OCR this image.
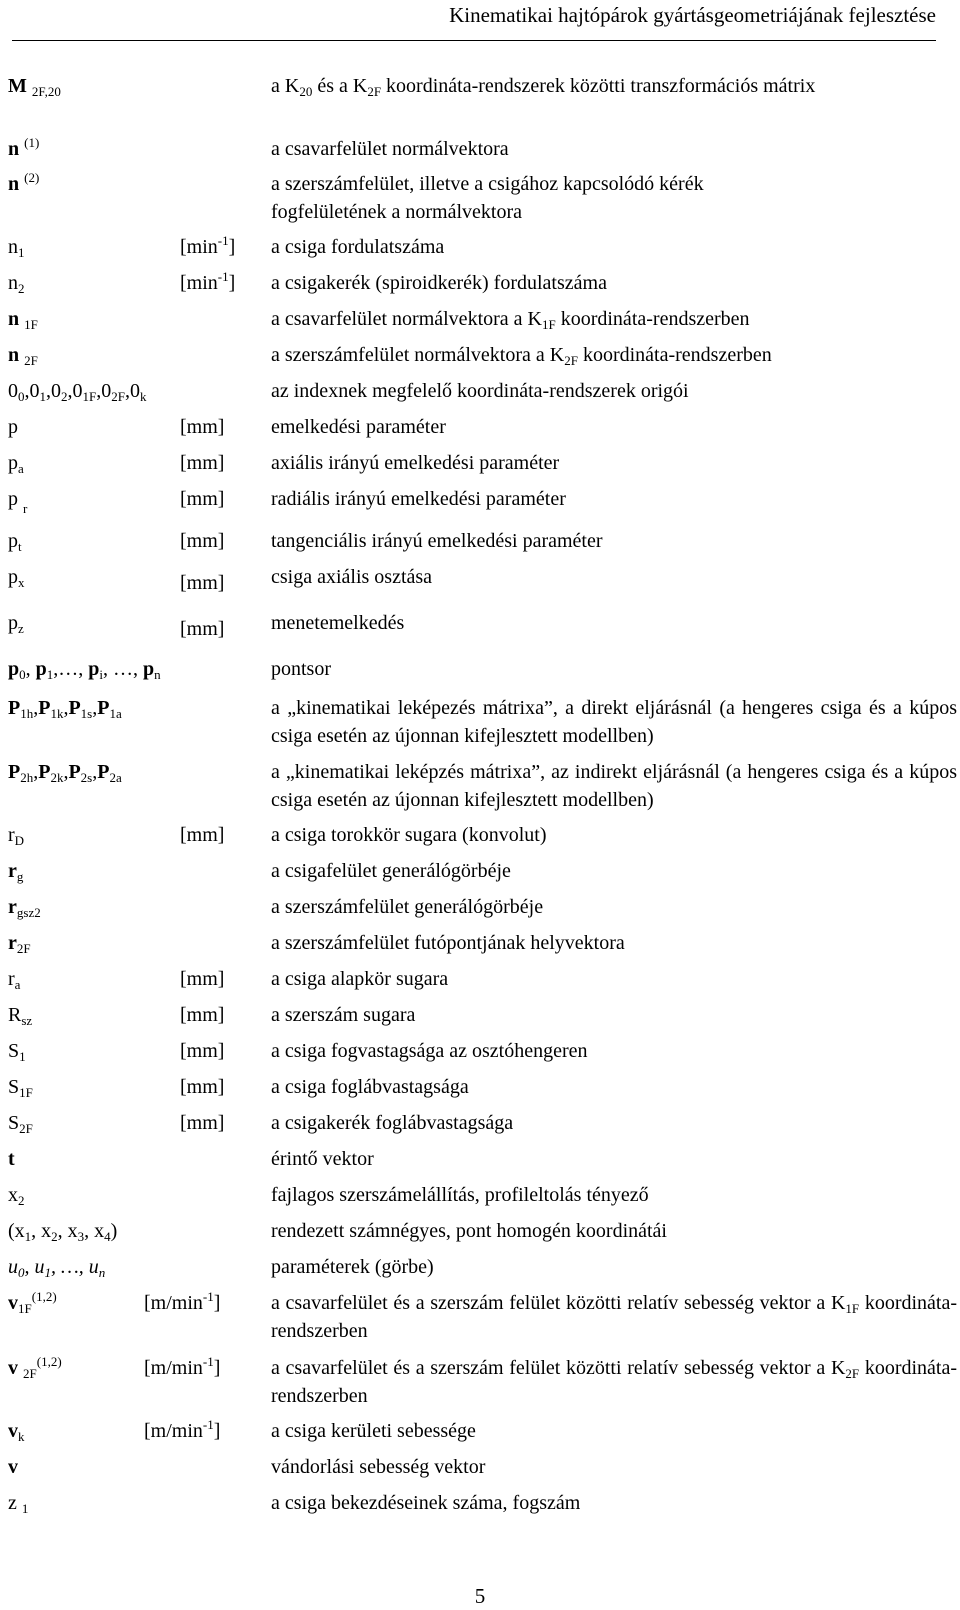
Kinematikai hajtópárok gyártásgeometriájának fejlesztése
M $_{2F,20}$	a $K_{20}$ és a $K_{2F}$ koordináta-rendszerek közötti transzformációs mátrix
n $^{(1)}$	a csavarfelület normálvektora
n $^{(2)}$	a szerszámfelület, illetve a csigához kapcsolódó kérék fogfelületének a normálvektora
$n_1$	$[\min^{-1}]$ a csiga fordulatszáma
$n_2$	$[\min^{-1}]$ a csigakerék (spiroidkerék) fordulatszáma
n $_{1F}$	a csavarfelület normálvektora a $K_{1F}$ koordináta-rendszerben
n $_{2F}$	a szerszámfelület normálvektora a $K_{2F}$ koordináta-rendszerben
$0_0,0_1,0_2,0_{1F},0_{2F},0_k$	az indexnek megfelelő koordináta-rendszerek origói
p	[mm] emelkedési paraméter
$p_a$	[mm] axiális irányú emelkedési paraméter
p $_r$	[mm] radiális irányú emelkedési paraméter
$p_t$	[mm] tangenciális irányú emelkedési paraméter
$p_x$	[mm] csiga axiális osztása
$p_z$	[mm] menetemelkedés
$p_0$, $p_1,\dots$, $p_i$, …, $p_n$	pontsor
$P_{1h},P_{1k},P_{1s},P_{1a}$	a „kinematikai leképezés mátrixa”, a direkt eljárásnál (a hengeres csiga és a kúpos csiga esetén az újonnan kifejlesztett modellben)
$P_{2h},P_{2k},P_{2s},P_{2a}$	a „kinematikai leképzés mátrixa”, az indirekt eljárásnál (a hengeres csiga és a kúpos csiga esetén az újonnan kifejlesztett modellben)
$r_D$	[mm] a csiga torokkör sugara (konvolut)
$r_g$	a csigafelület generálógörbéje
$r_{gsz2}$	a szerszámfelület generálógörbéje
$r_{2F}$	a szerszámfelület futópontjának helyvektora
$r_a$	[mm] a csiga alapkör sugara
$R_{sz}$	[mm] a szerszám sugara
$S_1$	[mm] a csiga fogvastagsága az osztóhengeren
$S_{1F}$	[mm] a csiga foglábvastagsága
$S_{2F}$	[mm] a csigakerék foglábvastagsága
t	érintő vektor
$x_2$	fajlagos szerszámelállítás, profileltolás tényező
($x_1$, $x_2$, $x_3$, $x_4$)	rendezett számnégyes, pont homogén koordinátái
$u_0$, $u_1$, …, $u_n$	paraméterek (görbe)
$v_{1F}^{(1,2)}$	$[m/\min^{-1}]$	a csavarfelület és a szerszám felület közötti relatív sebesség vektor a $K_{1F}$ koordináta-rendszerben
v $_{2F}^{(1,2)}$	$[m/\min^{-1}]$	a csavarfelület és a szerszám felület közötti relatív sebesség vektor a $K_{2F}$ koordináta-rendszerben
$v_k$	$[m/\min^{-1}]$	a csiga kerületi sebessége
v	vándorlási sebesség vektor
z $_1$	a csiga bekezdéseinek száma, fogszám
5
